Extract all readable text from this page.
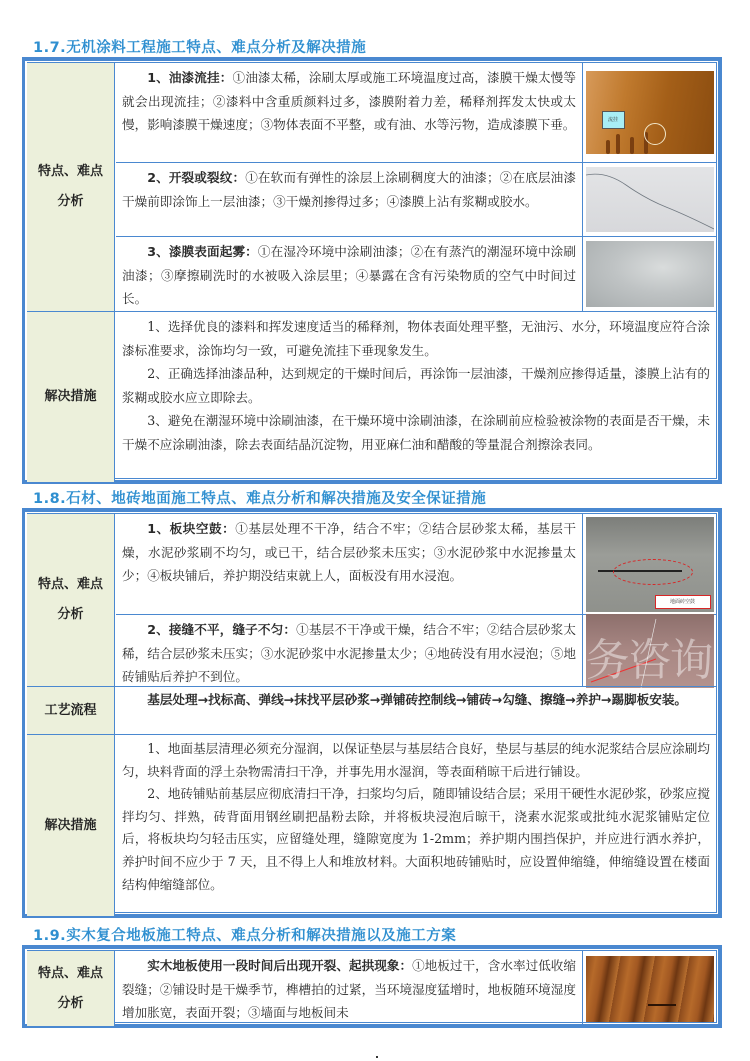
1.7.无机涂料工程施工特点、难点分析及解决措施
特点、难点
分析

1、油漆流挂：①油漆太稀，涂刷太厚或施工环境温度过高，漆膜干燥太慢等就会出现流挂；②漆料中含重质颜料过多，漆膜附着力差，稀释剂挥发太快或太慢，影响漆膜干燥速度；③物体表面不平整，或有油、水等污物，造成漆膜下垂。	流挂

2、开裂或裂纹：①在软而有弹性的涂层上涂刷稠度大的油漆；②在底层油漆干燥前即涂饰上一层油漆；③干燥剂掺得过多；④漆膜上沾有浆糊或胶水。

3、漆膜表面起雾：①在湿冷环境中涂刷油漆；②在有蒸汽的潮湿环境中涂刷油漆；③摩擦刷洗时的水被吸入涂层里；④暴露在含有污染物质的空气中时间过长。

解决措施

1、选择优良的漆料和挥发速度适当的稀释剂，物体表面处理平整，无油污、水分，环境温度应符合涂漆标准要求，涂饰均匀一致，可避免流挂下垂现象发生。

2、正确选择油漆品种，达到规定的干燥时间后，再涂饰一层油漆，干燥剂应掺得适量，漆膜上沾有的浆糊或胶水应立即除去。

3、避免在潮湿环境中涂刷油漆，在干燥环境中涂刷油漆，在涂刷前应检验被涂物的表面是否干燥，未干燥不应涂刷油漆，除去表面结晶沉淀物，用亚麻仁油和醋酸的等量混合剂擦涂表同。

1.8.石材、地砖地面施工特点、难点分析和解决措施及安全保证措施
特点、难点
分析

1、板块空鼓：①基层处理不干净，结合不牢；②结合层砂浆太稀，基层干燥，水泥砂浆刷不均匀，或已干，结合层砂浆未压实；③水泥砂浆中水泥掺量太少；④板块铺后，养护期没结束就上人，面板没有用水浸泡。

地面砖空鼓

2、接缝不平，缝子不匀：①基层不干净或干燥，结合不牢；②结合层砂浆太稀，结合层砂浆未压实；③水泥砂浆中水泥掺量太少；④地砖没有用水浸泡；⑤地砖铺贴后养护不到位。	务咨询
工艺流程

基层处理→找标高、弹线→抹找平层砂浆→弹铺砖控制线→铺砖→勾缝、擦缝→养护→踢脚板安装。

解决措施

1、地面基层清理必须充分湿润，以保证垫层与基层结合良好，垫层与基层的纯水泥浆结合层应涂刷均匀，块料背面的浮土杂物需清扫干净，并事先用水湿润，等表面稍晾干后进行铺设。

2、地砖铺贴前基层应彻底清扫干净，扫浆均匀后，随即铺设结合层；采用干硬性水泥砂浆，砂浆应搅拌均匀、拌熟，砖背面用钢丝刷把晶粉去除，并将板块浸泡后晾干，浇素水泥浆或批纯水泥浆铺贴定位后，将板块均匀轻击压实，应留缝处理，缝隙宽度为 1-2mm；养护期内围挡保护，并应进行洒水养护，养护时间不应少于 7 天，且不得上人和堆放材料。大面积地砖铺贴时，应设置伸缩缝，伸缩缝设置在楼面结构伸缩缝部位。

1.9.实木复合地板施工特点、难点分析和解决措施以及施工方案
特点、难点
分析

实木地板使用一段时间后出现开裂、起拱现象：①地板过干，含水率过低收缩裂缝；②铺设时是干燥季节，榫槽拍的过紧，当环境湿度猛增时，地板随环境湿度增加胀宽，表面开裂；③墙面与地板间未
